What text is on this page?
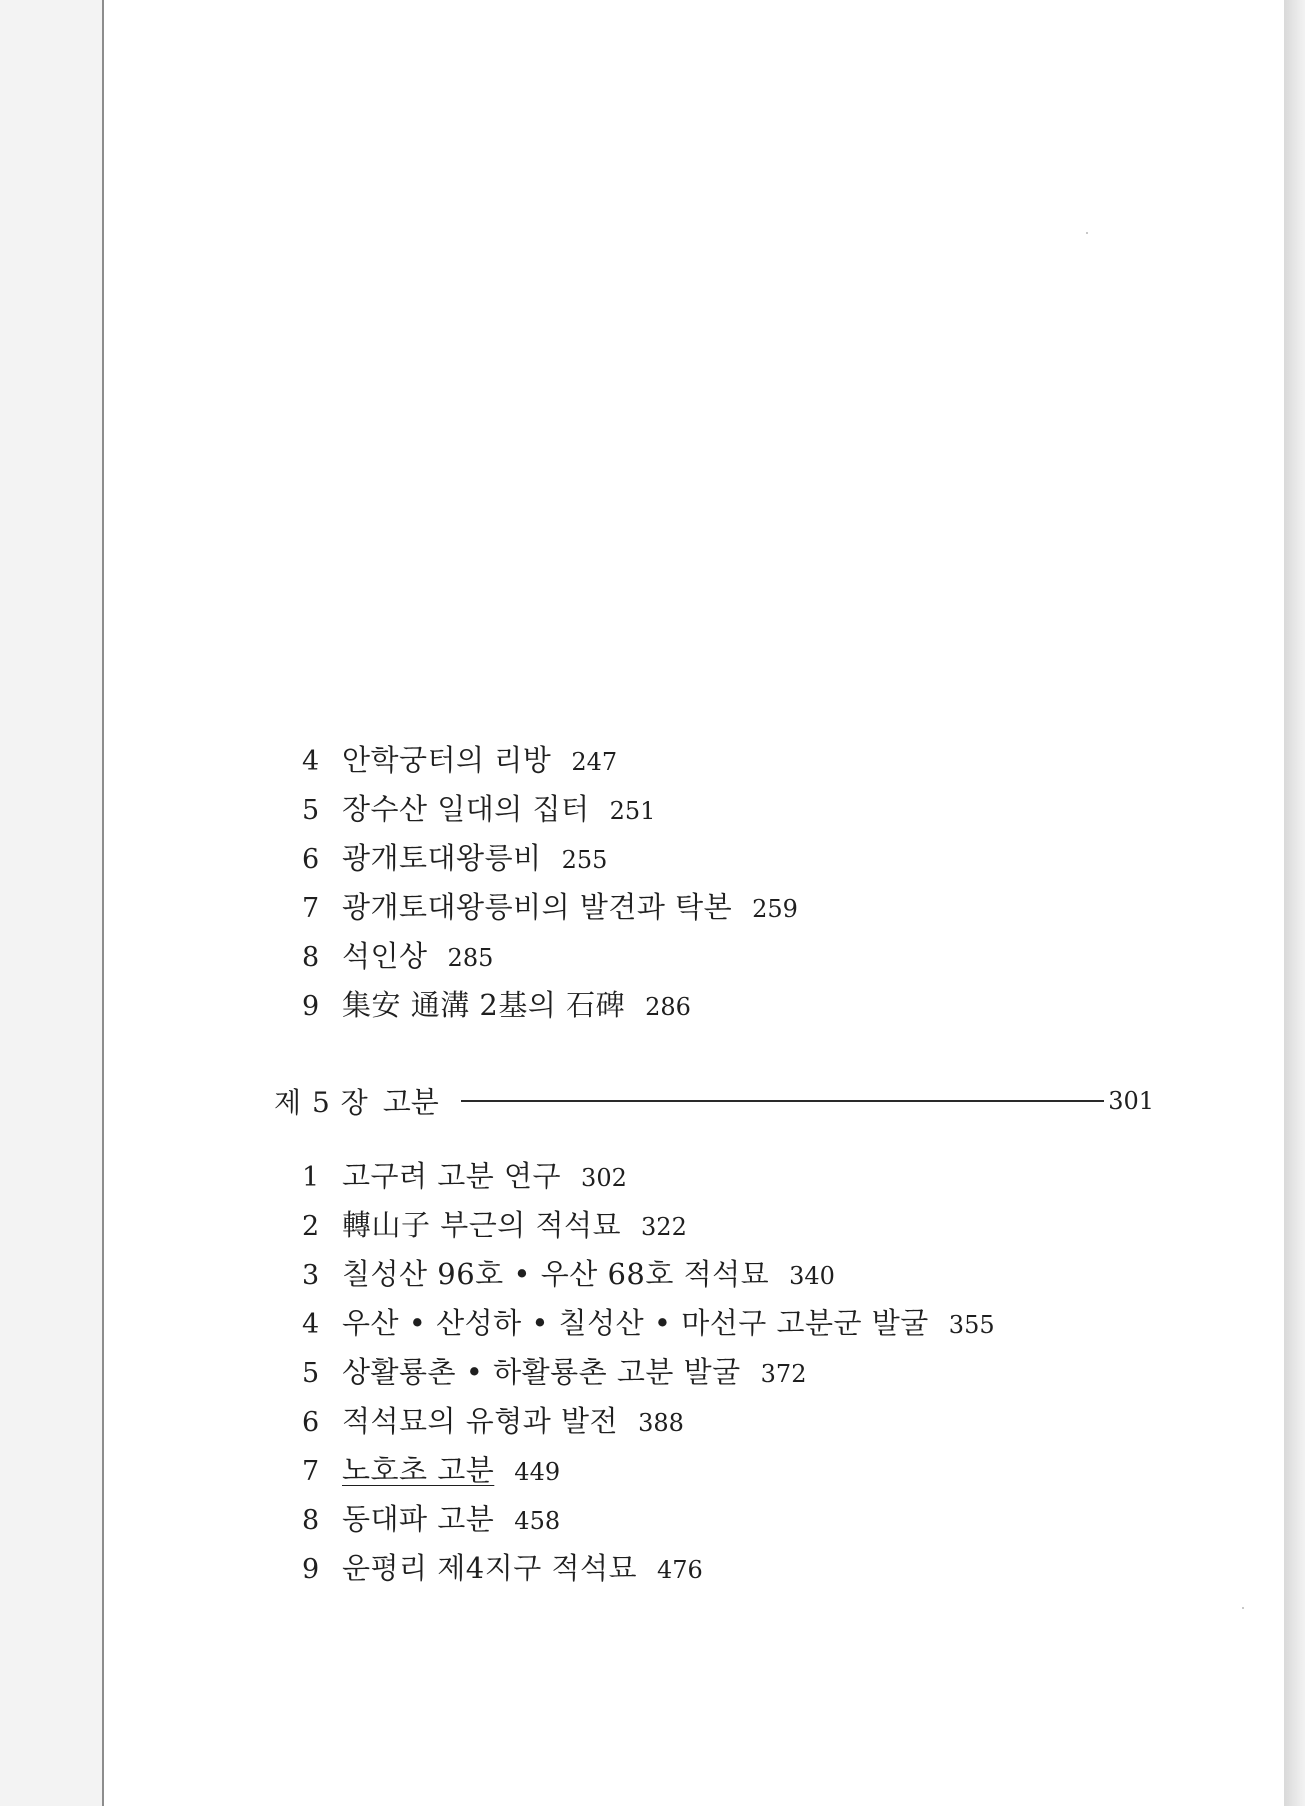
4 안학궁터의 리방 247
5 장수산 일대의 집터 251
6 광개토대왕릉비 255
7 광개토대왕릉비의 발견과 탁본 259
8 석인상 285
9 集安 通溝 2基의 石碑 286
제 5 장 고분	301
1 고구려 고분 연구 302
2 轉山子 부근의 적석묘 322
3 칠성산 96호 • 우산 68호 적석묘 340
4 우산 • 산성하 • 칠성산 • 마선구 고분군 발굴 355
5 상활룡촌 • 하활룡촌 고분 발굴 372
6 적석묘의 유형과 발전 388
7 노호초 고분 449
8 동대파 고분 458
9 운평리 제4지구 적석묘 476
